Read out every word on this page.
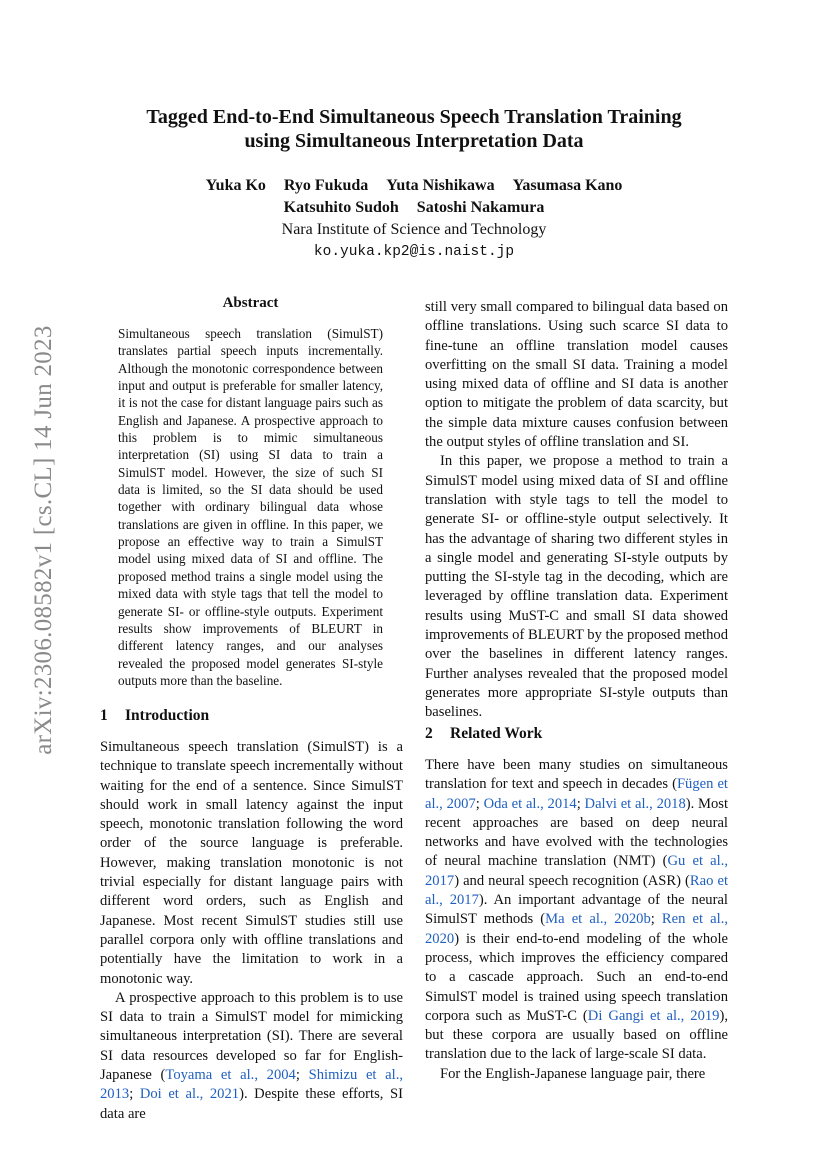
arXiv:2306.08582v1 [cs.CL] 14 Jun 2023
Tagged End-to-End Simultaneous Speech Translation Training
using Simultaneous Interpretation Data
Yuka Ko Ryo Fukuda Yuta Nishikawa Yasumasa Kano
Katsuhito Sudoh Satoshi Nakamura
Nara Institute of Science and Technology
ko.yuka.kp2@is.naist.jp
Abstract
Simultaneous speech translation (SimulST) translates partial speech inputs incrementally. Although the monotonic correspondence between input and output is preferable for smaller latency, it is not the case for distant language pairs such as English and Japanese. A prospective approach to this problem is to mimic simultaneous interpretation (SI) using SI data to train a SimulST model. However, the size of such SI data is limited, so the SI data should be used together with ordinary bilingual data whose translations are given in offline. In this paper, we propose an effective way to train a SimulST model using mixed data of SI and offline. The proposed method trains a single model using the mixed data with style tags that tell the model to generate SI- or offline-style outputs. Experiment results show improvements of BLEURT in different latency ranges, and our analyses revealed the proposed model generates SI-style outputs more than the baseline.
1 Introduction

Simultaneous speech translation (SimulST) is a technique to translate speech incrementally without waiting for the end of a sentence. Since SimulST should work in small latency against the input speech, monotonic translation following the word order of the source language is preferable. However, making translation monotonic is not trivial especially for distant language pairs with different word orders, such as English and Japanese. Most recent SimulST studies still use parallel corpora only with offline translations and potentially have the limitation to work in a monotonic way.

A prospective approach to this problem is to use SI data to train a SimulST model for mimicking simultaneous interpretation (SI). There are several SI data resources developed so far for English-Japanese (Toyama et al., 2004; Shimizu et al., 2013; Doi et al., 2021). Despite these efforts, SI data are

still very small compared to bilingual data based on offline translations. Using such scarce SI data to fine-tune an offline translation model causes overfitting on the small SI data. Training a model using mixed data of offline and SI data is another option to mitigate the problem of data scarcity, but the simple data mixture causes confusion between the output styles of offline translation and SI.

In this paper, we propose a method to train a SimulST model using mixed data of SI and offline translation with style tags to tell the model to generate SI- or offline-style output selectively. It has the advantage of sharing two different styles in a single model and generating SI-style outputs by putting the SI-style tag in the decoding, which are leveraged by offline translation data. Experiment results using MuST-C and small SI data showed improvements of BLEURT by the proposed method over the baselines in different latency ranges. Further analyses revealed that the proposed model generates more appropriate SI-style outputs than baselines.

2 Related Work

There have been many studies on simultaneous translation for text and speech in decades (Fügen et al., 2007; Oda et al., 2014; Dalvi et al., 2018). Most recent approaches are based on deep neural networks and have evolved with the technologies of neural machine translation (NMT) (Gu et al., 2017) and neural speech recognition (ASR) (Rao et al., 2017). An important advantage of the neural SimulST methods (Ma et al., 2020b; Ren et al., 2020) is their end-to-end modeling of the whole process, which improves the efficiency compared to a cascade approach. Such an end-to-end SimulST model is trained using speech translation corpora such as MuST-C (Di Gangi et al., 2019), but these corpora are usually based on offline translation due to the lack of large-scale SI data.

For the English-Japanese language pair, there
